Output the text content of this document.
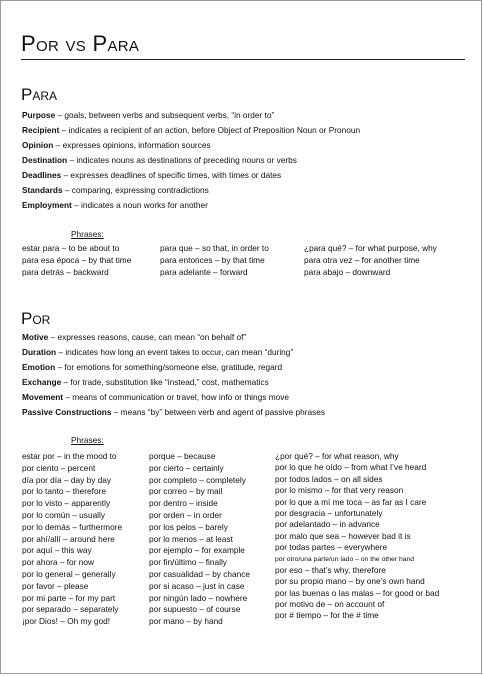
Por vs Para
Para
Purpose – goals, between verbs and subsequent verbs, “in order to”
Recipient – indicates a recipient of an action, before Object of Preposition Noun or Pronoun
Opinion – expresses opinions, information sources
Destination – indicates nouns as destinations of preceding nouns or verbs
Deadlines – expresses deadlines of specific times, with times or dates
Standards – comparing, expressing contradictions
Employment – indicates a noun works for another
Phrases:
estar para – to be about to
para esa época – by that time
para detrás – backward
para que – so that, in order to
para entonces – by that time
para adelante – forward
¿para qué? – for what purpose, why
para otra vez – for another time
para abajo – downward
Por
Motive – expresses reasons, cause, can mean “on behalf of”
Duration – indicates how long an event takes to occur, can mean “during”
Emotion – for emotions for something/someone else, gratitude, regard
Exchange – for trade, substitution like “instead,” cost, mathematics
Movement – means of communication or travel, how info or things move
Passive Constructions – means “by” between verb and agent of passive phrases
Phrases:
estar por – in the mood to
por ciento – percent
día por día – day by day
por lo tanto – therefore
por lo visto – apparently
por lo común – usually
por lo demás – furthermore
por ahí/allí – around here
por aquí – this way
por ahora – for now
por lo general – generally
por favor – please
por mi parte – for my part
por separado – separately
¡por Dios! – Oh my god!
porque – because
por cierto – certainly
por completo – completely
por correo – by mail
por dentro – inside
por orden – in order
por los pelos – barely
por lo menos – at least
por ejemplo – for example
por fin/último – finally
por casualidad – by chance
por si acaso – just in case
por ningún lado – nowhere
por supuesto – of course
por mano – by hand
¿por qué? – for what reason, why
por lo que he oído – from what I’ve heard
por todos lados – on all sides
por lo mismo – for that very reason
por lo que a mí me toca – as far as I care
por desgracia – unfortunately
por adelantado – in advance
por malo que sea – however bad it is
por todas partes – everywhere
por otro/una parte/un lado – on the other hand
por eso – that’s why, therefore
por su propio mano – by one’s own hand
por las buenas o las malas – for good or bad
por motivo de – on account of
por # tiempo – for the # time
